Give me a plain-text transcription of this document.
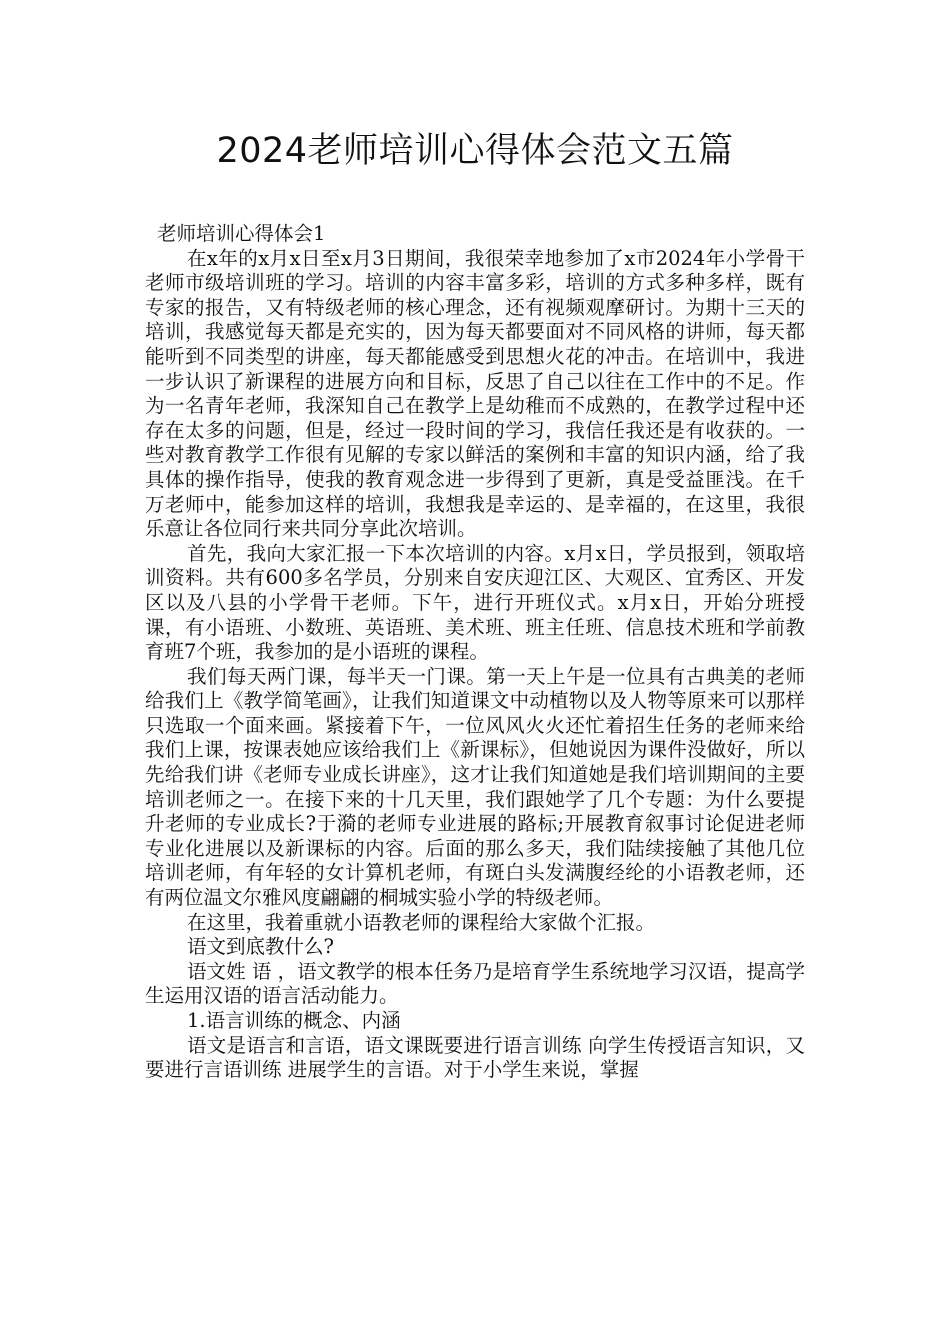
2024老师培训心得体会范文五篇

老师培训心得体会1

在x年的x月x日至x月3日期间，我很荣幸地参加了x市2024年小学骨干老师市级培训班的学习。培训的内容丰富多彩，培训的方式多种多样，既有专家的报告，又有特级老师的核心理念，还有视频观摩研讨。为期十三天的培训，我感觉每天都是充实的，因为每天都要面对不同风格的讲师，每天都能听到不同类型的讲座，每天都能感受到思想火花的冲击。在培训中，我进一步认识了新课程的进展方向和目标，反思了自己以往在工作中的不足。作为一名青年老师，我深知自己在教学上是幼稚而不成熟的，在教学过程中还存在太多的问题，但是，经过一段时间的学习，我信任我还是有收获的。一些对教育教学工作很有见解的专家以鲜活的案例和丰富的知识内涵，给了我具体的操作指导，使我的教育观念进一步得到了更新，真是受益匪浅。在千万老师中，能参加这样的培训，我想我是幸运的、是幸福的，在这里，我很乐意让各位同行来共同分享此次培训。

首先，我向大家汇报一下本次培训的内容。x月x日，学员报到，领取培训资料。共有600多名学员，分别来自安庆迎江区、大观区、宜秀区、开发区以及八县的小学骨干老师。下午，进行开班仪式。x月x日，开始分班授课，有小语班、小数班、英语班、美术班、班主任班、信息技术班和学前教育班7个班，我参加的是小语班的课程。

我们每天两门课，每半天一门课。第一天上午是一位具有古典美的老师给我们上《教学简笔画》，让我们知道课文中动植物以及人物等原来可以那样只选取一个面来画。紧接着下午，一位风风火火还忙着招生任务的老师来给我们上课，按课表她应该给我们上《新课标》，但她说因为课件没做好，所以先给我们讲《老师专业成长讲座》，这才让我们知道她是我们培训期间的主要培训老师之一。在接下来的十几天里，我们跟她学了几个专题：为什么要提升老师的专业成长?于漪的老师专业进展的路标;开展教育叙事讨论促进老师专业化进展以及新课标的内容。后面的那么多天，我们陆续接触了其他几位培训老师，有年轻的女计算机老师，有斑白头发满腹经纶的小语教老师，还有两位温文尔雅风度翩翩的桐城实验小学的特级老师。

在这里，我着重就小语教老师的课程给大家做个汇报。

语文到底教什么?

语文姓 语 ，语文教学的根本任务乃是培育学生系统地学习汉语，提高学生运用汉语的语言活动能力。

1.语言训练的概念、内涵

语文是语言和言语，语文课既要进行语言训练 向学生传授语言知识，又要进行言语训练 进展学生的言语。对于小学生来说，掌握
